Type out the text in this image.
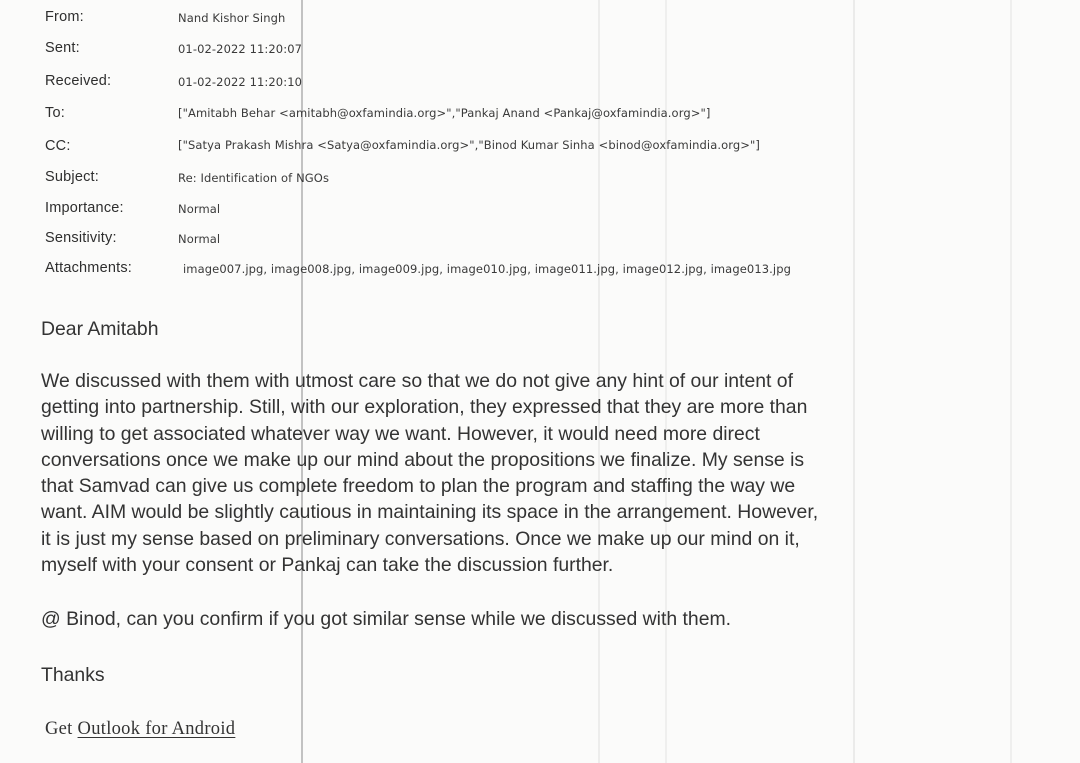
From:	Nand Kishor Singh
Sent:	01-02-2022 11:20:07
Received:	01-02-2022 11:20:10
To:	["Amitabh Behar <amitabh@oxfamindia.org>","Pankaj Anand <Pankaj@oxfamindia.org>"]
CC:	["Satya Prakash Mishra <Satya@oxfamindia.org>","Binod Kumar Sinha <binod@oxfamindia.org>"]
Subject:	Re: Identification of NGOs
Importance:	Normal
Sensitivity:	Normal
Attachments:	image007.jpg, image008.jpg, image009.jpg, image010.jpg, image011.jpg, image012.jpg, image013.jpg
Dear Amitabh
We discussed with them with utmost care so that we do not give any hint of our intent of
getting into partnership. Still, with our exploration, they expressed that they are more than
willing to get associated whatever way we want. However, it would need more direct
conversations once we make up our mind about the propositions we finalize. My sense is
that Samvad can give us complete freedom to plan the program and staffing the way we
want. AIM would be slightly cautious in maintaining its space in the arrangement. However,
it is just my sense based on preliminary conversations. Once we make up our mind on it,
myself with your consent or Pankaj can take the discussion further.
@ Binod, can you confirm if you got similar sense while we discussed with them.
Thanks
Get Outlook for Android
